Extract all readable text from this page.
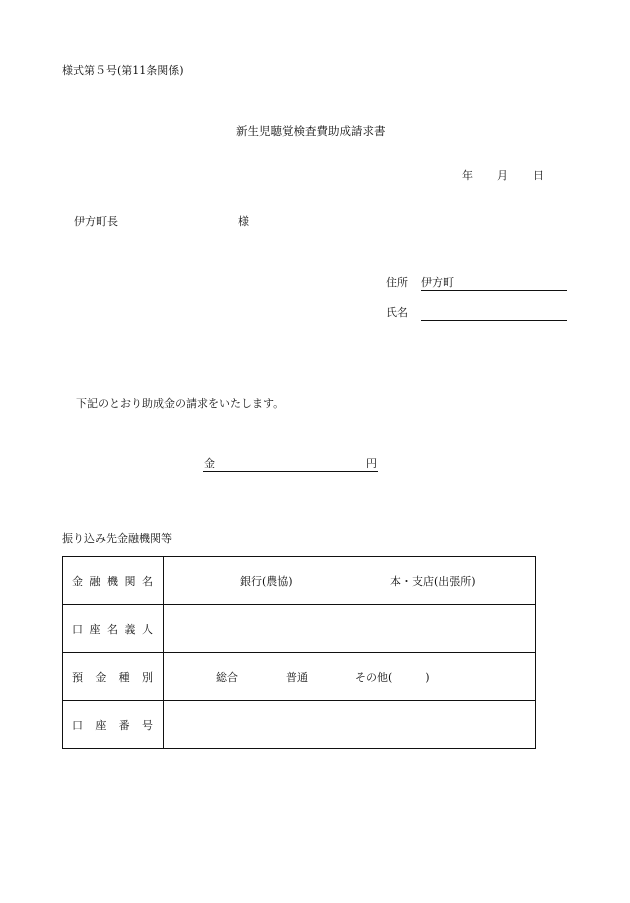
様式第５号(第11条関係)
新生児聴覚検査費助成請求書
年 月 日
伊方町長	様
住所 伊方町
氏名
下記のとおり助成金の請求をいたします。
金	円
振り込み先金融機関等
金融機関名	銀行(農協) 本・支店(出張所)

口座名義人	

預金種別	総合 普通 その他(　　　)

口座番号	
